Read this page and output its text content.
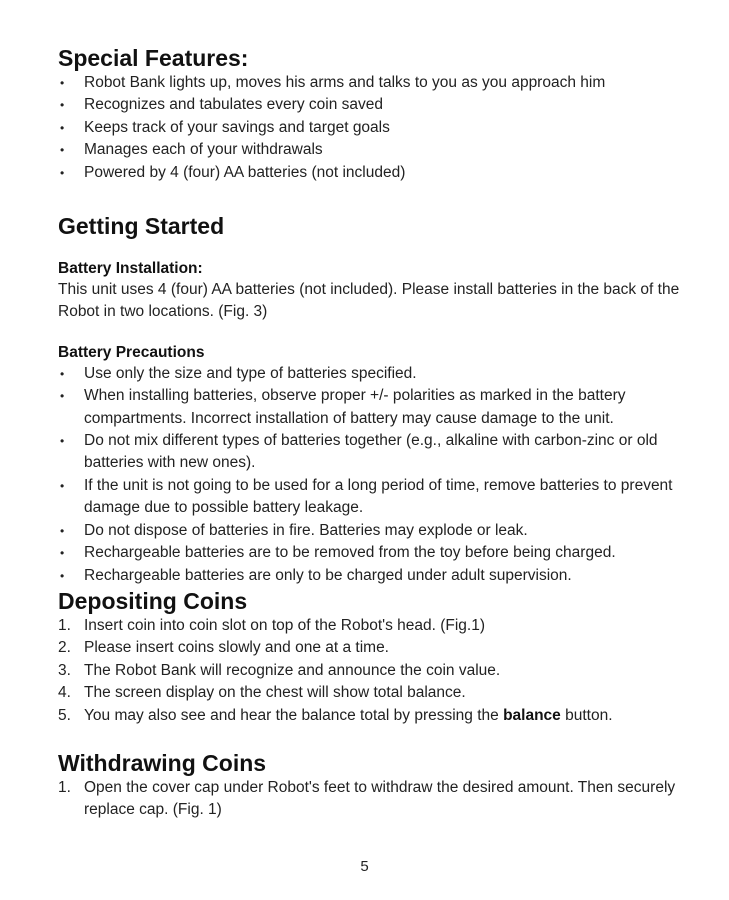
Special Features:
•	Robot Bank lights up, moves his arms and talks to you as you approach him
•	Recognizes and tabulates every coin saved
•	Keeps track of your savings and target goals
•	Manages each of your withdrawals
•	Powered by 4 (four) AA batteries (not included)
Getting Started
Battery Installation:
This unit uses 4 (four) AA batteries (not included). Please install batteries in the back of the Robot in two locations. (Fig. 3)
Battery Precautions
•	Use only the size and type of batteries specified.
•	When installing batteries, observe proper +/- polarities as marked in the battery compartments. Incorrect installation of battery may cause damage to the unit.
•	Do not mix different types of batteries together (e.g., alkaline with carbon-zinc or old batteries with new ones).
•	If the unit is not going to be used for a long period of time, remove batteries to prevent damage due to possible battery leakage.
•	Do not dispose of batteries in fire. Batteries may explode or leak.
•	Rechargeable batteries are to be removed from the toy before being charged.
•	Rechargeable batteries are only to be charged under adult supervision.
Depositing Coins
1. Insert coin into coin slot on top of the Robot's head. (Fig.1)
2. Please insert coins slowly and one at a time.
3. The Robot Bank will recognize and announce the coin value.
4. The screen display on the chest will show total balance.
5. You may also see and hear the balance total by pressing the balance button.
Withdrawing Coins
1. Open the cover cap under Robot's feet to withdraw the desired amount. Then securely replace cap. (Fig. 1)
5
